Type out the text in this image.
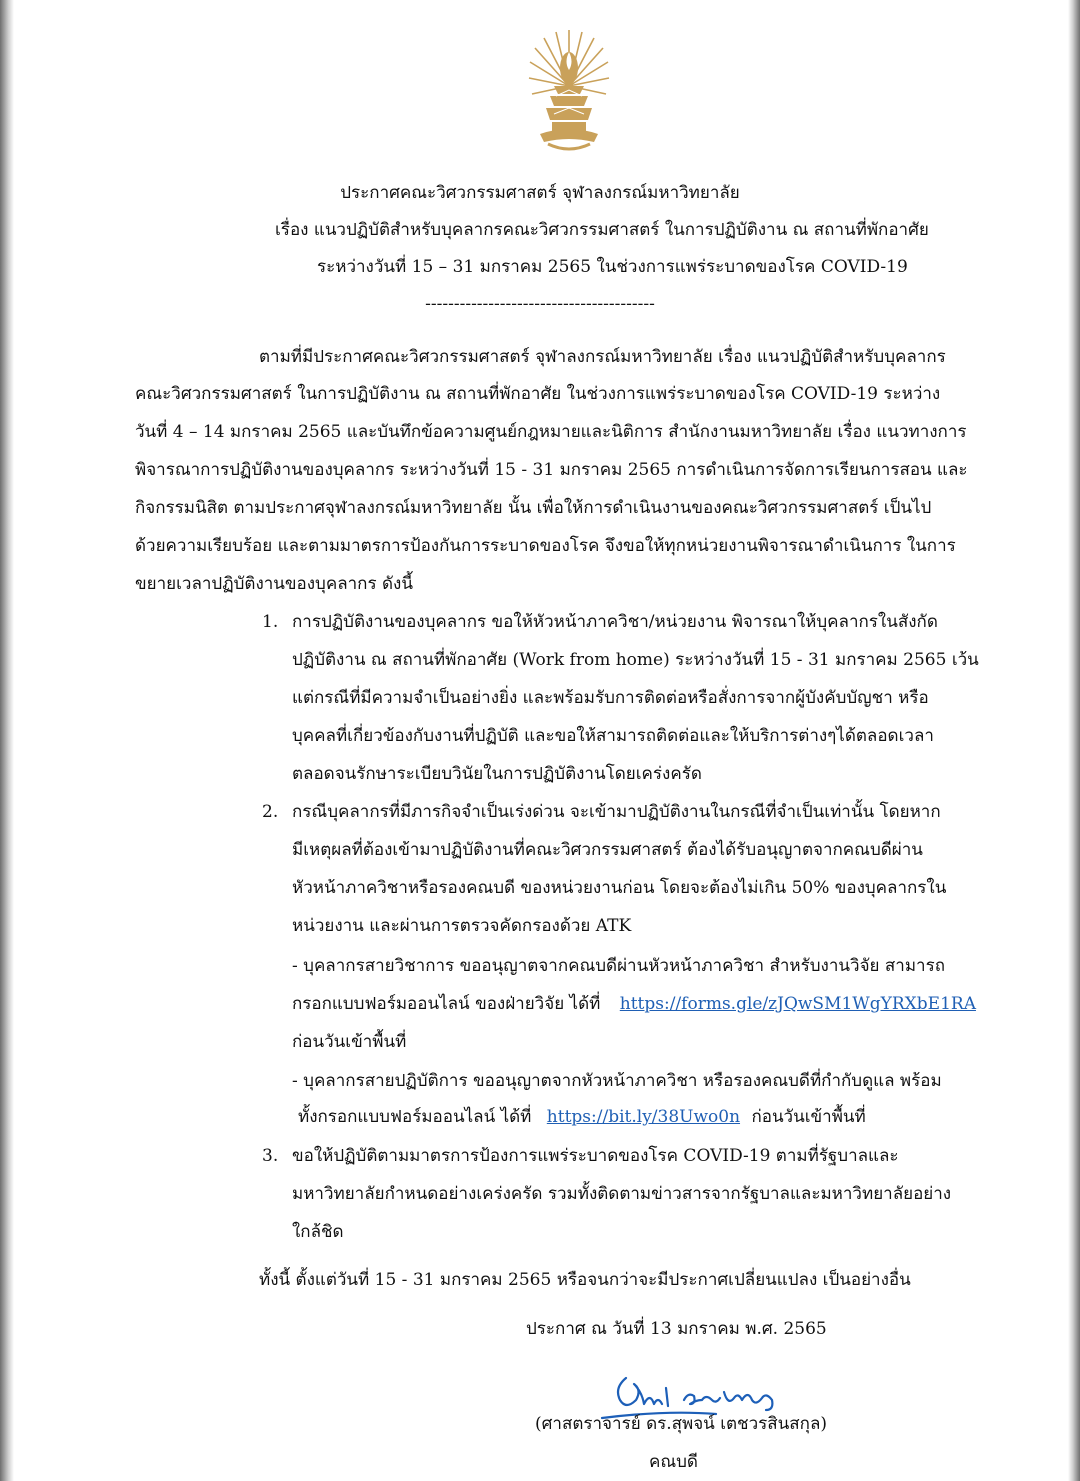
ประกาศคณะวิศวกรรมศาสตร์ จุฬาลงกรณ์มหาวิทยาลัย
เรื่อง แนวปฏิบัติสำหรับบุคลากรคณะวิศวกรรมศาสตร์ ในการปฏิบัติงาน ณ สถานที่พักอาศัย
ระหว่างวันที่ 15 – 31 มกราคม 2565 ในช่วงการแพร่ระบาดของโรค COVID-19
----------------------------------------
ตามที่มีประกาศคณะวิศวกรรมศาสตร์ จุฬาลงกรณ์มหาวิทยาลัย เรื่อง แนวปฏิบัติสำหรับบุคลากร
คณะวิศวกรรมศาสตร์ ในการปฏิบัติงาน ณ สถานที่พักอาศัย ในช่วงการแพร่ระบาดของโรค COVID-19 ระหว่าง
วันที่ 4 – 14 มกราคม 2565 และบันทึกข้อความศูนย์กฎหมายและนิติการ สำนักงานมหาวิทยาลัย เรื่อง แนวทางการ
พิจารณาการปฏิบัติงานของบุคลากร ระหว่างวันที่ 15 - 31 มกราคม 2565 การดำเนินการจัดการเรียนการสอน และ
กิจกรรมนิสิต ตามประกาศจุฬาลงกรณ์มหาวิทยาลัย นั้น เพื่อให้การดำเนินงานของคณะวิศวกรรมศาสตร์ เป็นไป
ด้วยความเรียบร้อย และตามมาตรการป้องกันการระบาดของโรค จึงขอให้ทุกหน่วยงานพิจารณาดำเนินการ ในการ
ขยายเวลาปฏิบัติงานของบุคลากร ดังนี้
1. การปฏิบัติงานของบุคลากร ขอให้หัวหน้าภาควิชา/หน่วยงาน พิจารณาให้บุคลากรในสังกัด
ปฏิบัติงาน ณ สถานที่พักอาศัย (Work from home) ระหว่างวันที่ 15 - 31 มกราคม 2565 เว้น
แต่กรณีที่มีความจำเป็นอย่างยิ่ง และพร้อมรับการติดต่อหรือสั่งการจากผู้บังคับบัญชา หรือ
บุคคลที่เกี่ยวข้องกับงานที่ปฏิบัติ และขอให้สามารถติดต่อและให้บริการต่างๆได้ตลอดเวลา
ตลอดจนรักษาระเบียบวินัยในการปฏิบัติงานโดยเคร่งครัด
2. กรณีบุคลากรที่มีภารกิจจำเป็นเร่งด่วน จะเข้ามาปฏิบัติงานในกรณีที่จำเป็นเท่านั้น โดยหาก
มีเหตุผลที่ต้องเข้ามาปฏิบัติงานที่คณะวิศวกรรมศาสตร์ ต้องได้รับอนุญาตจากคณบดีผ่าน
หัวหน้าภาควิชาหรือรองคณบดี ของหน่วยงานก่อน โดยจะต้องไม่เกิน 50% ของบุคลากรใน
หน่วยงาน และผ่านการตรวจคัดกรองด้วย ATK
- บุคลากรสายวิชาการ ขออนุญาตจากคณบดีผ่านหัวหน้าภาควิชา สำหรับงานวิจัย สามารถ
กรอกแบบฟอร์มออนไลน์ ของฝ่ายวิจัย ได้ที่ https://forms.gle/zJQwSM1WgYRXbE1RA
ก่อนวันเข้าพื้นที่
- บุคลากรสายปฏิบัติการ ขออนุญาตจากหัวหน้าภาควิชา หรือรองคณบดีที่กำกับดูแล พร้อม
ทั้งกรอกแบบฟอร์มออนไลน์ ได้ที่ https://bit.ly/38Uwo0n ก่อนวันเข้าพื้นที่
3. ขอให้ปฏิบัติตามมาตรการป้องการแพร่ระบาดของโรค COVID-19 ตามที่รัฐบาลและ
มหาวิทยาลัยกำหนดอย่างเคร่งครัด รวมทั้งติดตามข่าวสารจากรัฐบาลและมหาวิทยาลัยอย่าง
ใกล้ชิด
ทั้งนี้ ตั้งแต่วันที่ 15 - 31 มกราคม 2565 หรือจนกว่าจะมีประกาศเปลี่ยนแปลง เป็นอย่างอื่น
ประกาศ ณ วันที่ 13 มกราคม พ.ศ. 2565
(ศาสตราจารย์ ดร.สุพจน์ เตชวรสินสกุล)
คณบดี
